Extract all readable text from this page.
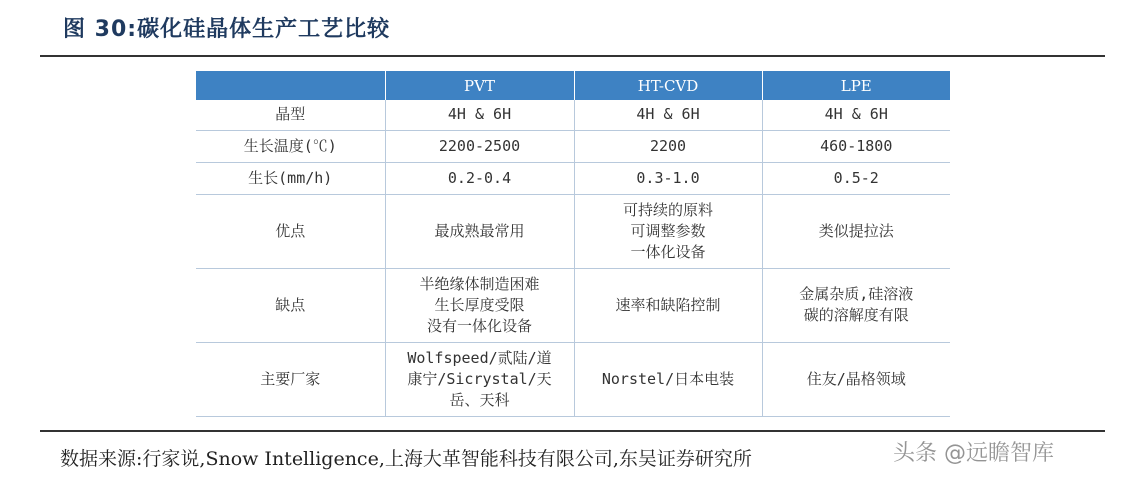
图 30:碳化硅晶体生产工艺比较
	PVT	HT-CVD	LPE
晶型	4H & 6H	4H & 6H	4H & 6H

生长温度(℃)	2200-2500	2200	460-1800

生长(mm/h)	0.2-0.4	0.3-1.0	0.5-2

优点	最成熟最常用	可持续的原料
可调整参数
一体化设备	类似提拉法

缺点	半绝缘体制造困难
生长厚度受限
没有一体化设备	速率和缺陷控制	金属杂质,硅溶液
碳的溶解度有限

主要厂家	Wolfspeed/贰陆/道
康宁/Sicrystal/天
岳、天科	Norstel/日本电装	住友/晶格领域
数据来源:行家说,Snow Intelligence,上海大革智能科技有限公司,东吴证券研究所	头条 @远瞻智库
